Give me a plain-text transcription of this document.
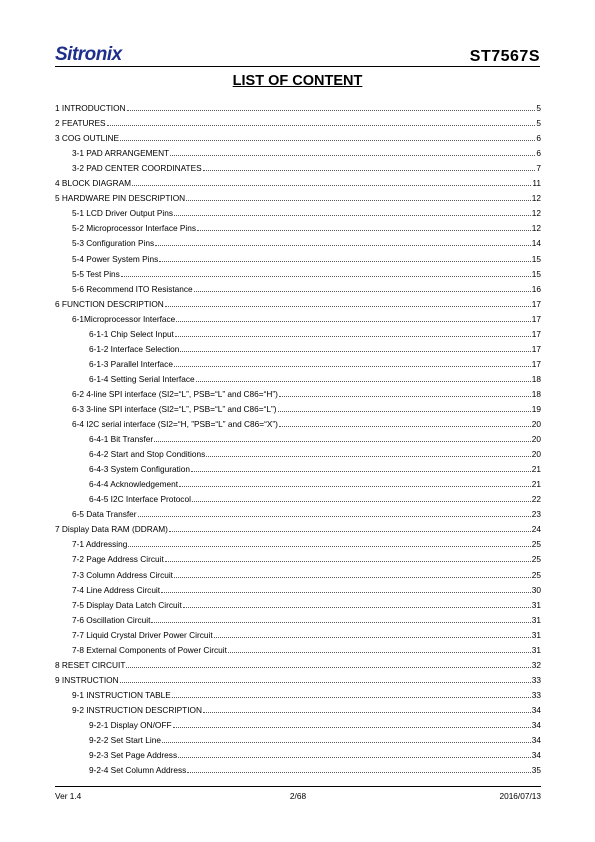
Sitronix	ST7567S
LIST OF CONTENT
1 INTRODUCTION	5
2 FEATURES	5
3 COG OUTLINE	6
3-1 PAD ARRANGEMENT	6
3-2 PAD CENTER COORDINATES	7
4 BLOCK DIAGRAM	11
5 HARDWARE PIN DESCRIPTION	12
5-1 LCD Driver Output Pins	12
5-2 Microprocessor Interface Pins	12
5-3 Configuration Pins	14
5-4 Power System Pins	15
5-5 Test Pins	15
5-6 Recommend ITO Resistance	16
6 FUNCTION DESCRIPTION	17
6-1Microprocessor Interface	17
6-1-1 Chip Select Input	17
6-1-2 Interface Selection	17
6-1-3 Parallel Interface	17
6-1-4 Setting Serial Interface	18
6-2 4-line SPI interface (SI2=“L”, PSB=“L” and C86=“H”)	18
6-3 3-line SPI interface (SI2=“L”, PSB=“L” and C86=“L”)	19
6-4 I2C serial interface (SI2=“H, ”PSB=“L” and C86=“X”)	20
6-4-1 Bit Transfer	20
6-4-2 Start and Stop Conditions	20
6-4-3 System Configuration	21
6-4-4 Acknowledgement	21
6-4-5 I2C Interface Protocol	22
6-5 Data Transfer	23
7 Display Data RAM (DDRAM)	24
7-1 Addressing	25
7-2 Page Address Circuit	25
7-3 Column Address Circuit	25
7-4 Line Address Circuit	30
7-5 Display Data Latch Circuit	31
7-6 Oscillation Circuit	31
7-7 Liquid Crystal Driver Power Circuit	31
7-8 External Components of Power Circuit	31
8 RESET CIRCUIT	32
9 INSTRUCTION	33
9-1 INSTRUCTION TABLE	33
9-2 INSTRUCTION DESCRIPTION	34
9-2-1 Display ON/OFF	34
9-2-2 Set Start Line	34
9-2-3 Set Page Address	34
9-2-4 Set Column Address	35
Ver 1.4	2/68	2016/07/13
